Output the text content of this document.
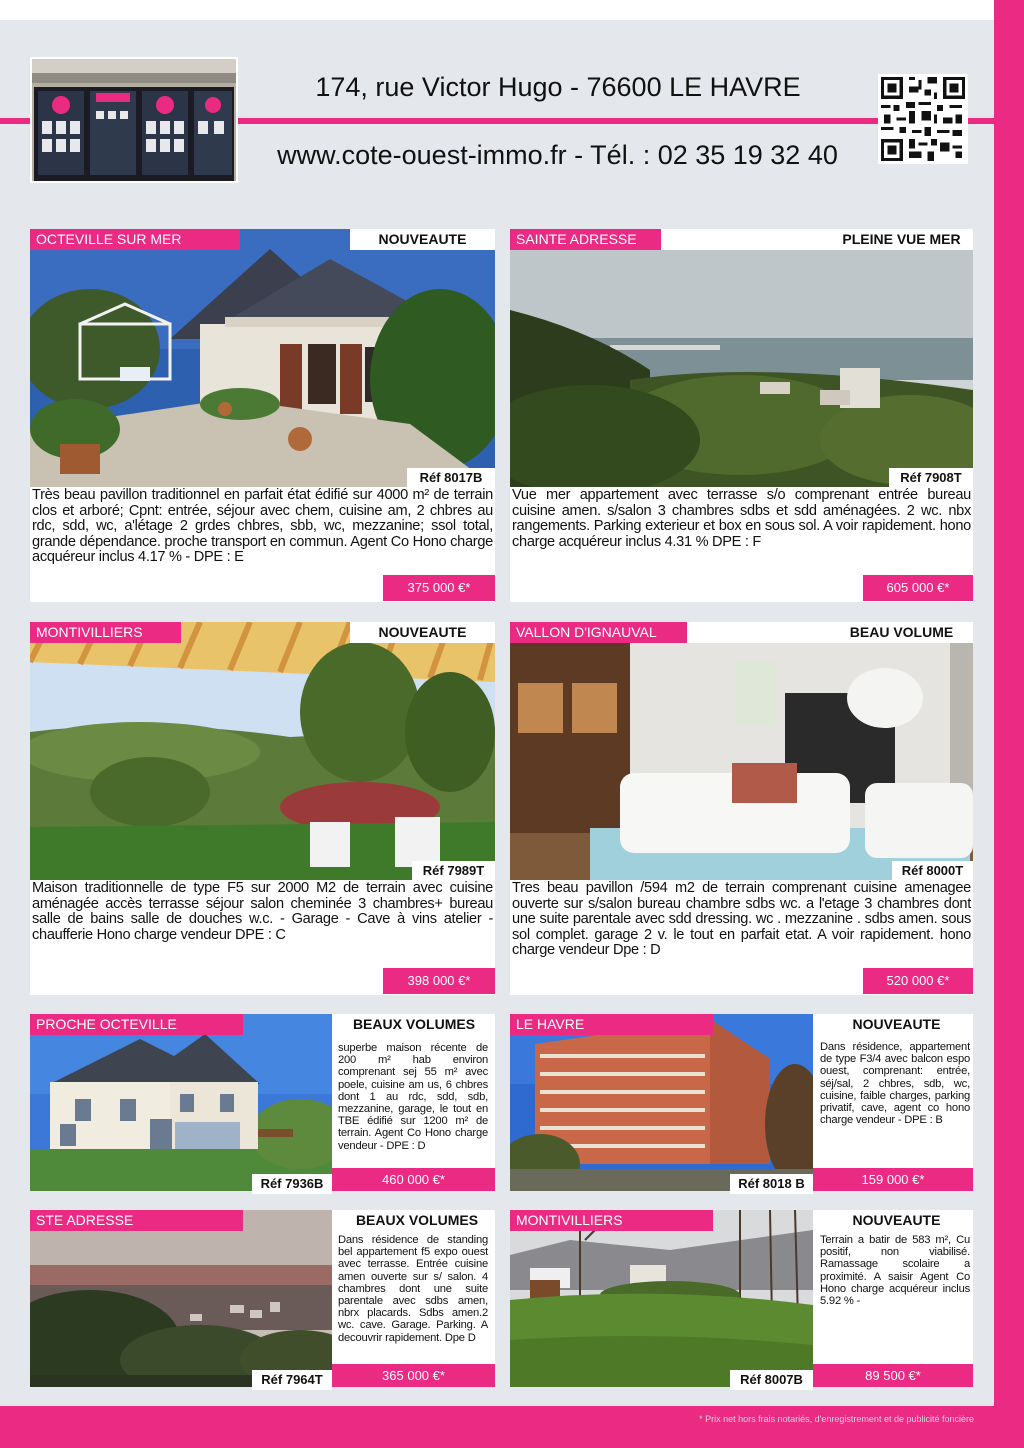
174, rue Victor Hugo - 76600 LE HAVRE
www.cote-ouest-immo.fr - Tél. : 02 35 19 32 40
OCTEVILLE SUR MER	NOUVEAUTE
Réf 8017B
Très beau pavillon traditionnel en parfait état édifié sur 4000 m² de terrain clos et arboré; Cpnt: entrée, séjour avec chem, cuisine am, 2 chbres au rdc, sdd, wc, a'létage 2 grdes chbres, sbb, wc, mezzanine; ssol total, grande dépendance. proche transport en commun. Agent Co Hono charge acquéreur inclus 4.17 % - DPE : E
375 000 €*
SAINTE ADRESSE	PLEINE VUE MER
Réf 7908T
Vue mer appartement avec terrasse s/o comprenant entrée bureau cuisine amen. s/salon 3 chambres sdbs et sdd aménagées. 2 wc. nbx rangements. Parking exterieur et box en sous sol. A voir rapidement. hono charge acquéreur inclus 4.31 % DPE : F
605 000 €*
MONTIVILLIERS	NOUVEAUTE
Réf 7989T
Maison traditionnelle de type F5 sur 2000 M2 de terrain avec cuisine aménagée accès terrasse séjour salon cheminée 3 chambres+ bureau salle de bains salle de douches w.c. - Garage - Cave à vins atelier - chaufferie Hono charge vendeur DPE : C
398 000 €*
VALLON D'IGNAUVAL	BEAU VOLUME
Réf 8000T
Tres beau pavillon /594 m2 de terrain comprenant cuisine amenagee ouverte sur s/salon bureau chambre sdbs wc. a l'etage 3 chambres dont une suite parentale avec sdd dressing. wc . mezzanine . sdbs amen. sous sol complet. garage 2 v. le tout en parfait etat. A voir rapidement. hono charge vendeur Dpe : D
520 000 €*
PROCHE OCTEVILLE	BEAUX VOLUMES
Réf 7936B
superbe maison récente de 200 m² hab environ comprenant sej 55 m² avec poele, cuisine am us, 6 chbres dont 1 au rdc, sdd, sdb, mezzanine, garage, le tout en TBE édifié sur 1200 m² de terrain. Agent Co Hono charge vendeur - DPE : D
460 000 €*
LE HAVRE	NOUVEAUTE
Réf 8018 B
Dans résidence, appartement de type F3/4 avec balcon espo ouest, comprenant: entrée, séj/sal, 2 chbres, sdb, wc, cuisine, faible charges, parking privatif, cave, agent co hono charge vendeur - DPE : B
159 000 €*
STE ADRESSE	BEAUX VOLUMES
Réf 7964T
Dans résidence de standing bel appartement f5 expo ouest avec terrasse. Entrée cuisine amen ouverte sur s/ salon. 4 chambres dont une suite parentale avec sdbs amen, nbrx placards. Sdbs amen.2 wc. cave. Garage. Parking. A decouvrir rapidement. Dpe D
365 000 €*
MONTIVILLIERS	NOUVEAUTE
Réf 8007B
Terrain a batir de 583 m², Cu positif, non viabilisé. Ramassage scolaire a proximité. A saisir Agent Co Hono charge acquéreur inclus 5.92 % -
89 500 €*
* Prix net hors frais notariés, d'enregistrement et de publicité foncière
